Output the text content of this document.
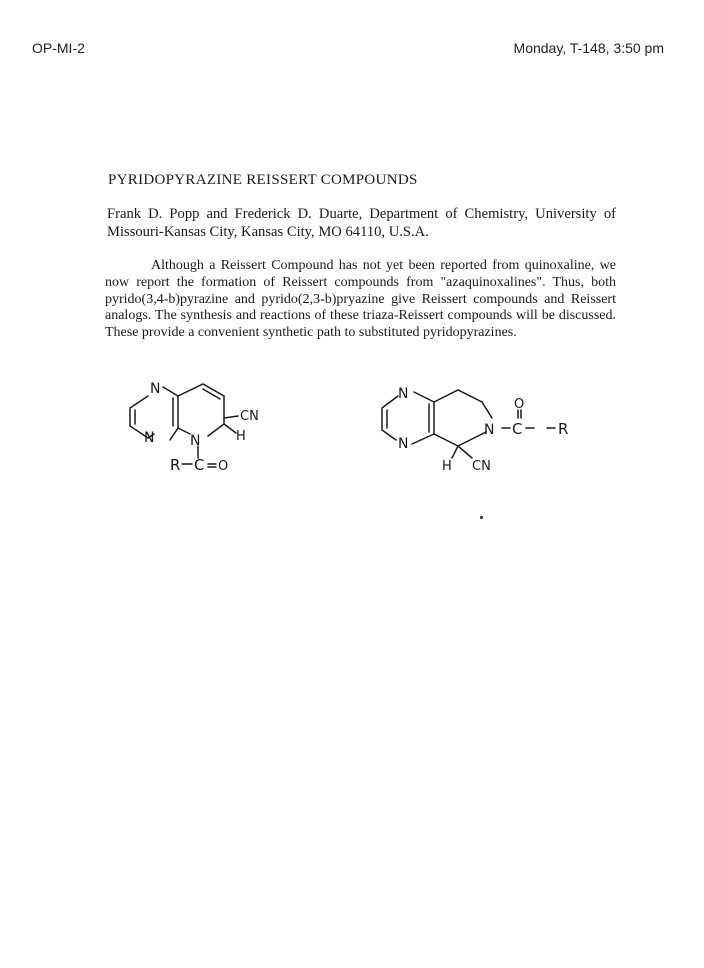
OP-MI-2	Monday, T-148, 3:50 pm
PYRIDOPYRAZINE REISSERT COMPOUNDS
Frank D. Popp and Frederick D. Duarte, Department of Chemistry, University of Missouri-Kansas City, Kansas City, MO 64110, U.S.A.
Although a Reissert Compound has not yet been reported from quinoxaline, we now report the formation of Reissert compounds from "azaquinoxalines". Thus, both pyrido(3,4-b)pyrazine and pyrido(2,3-b)pryazine give Reissert compounds and Reissert analogs. The synthesis and reactions of these triaza-Reissert compounds will be discussed. These provide a convenient synthetic path to substituted pyridopyrazines.
N
N	N
CN
H
R C O
N
N
N
O
C R
H CN
